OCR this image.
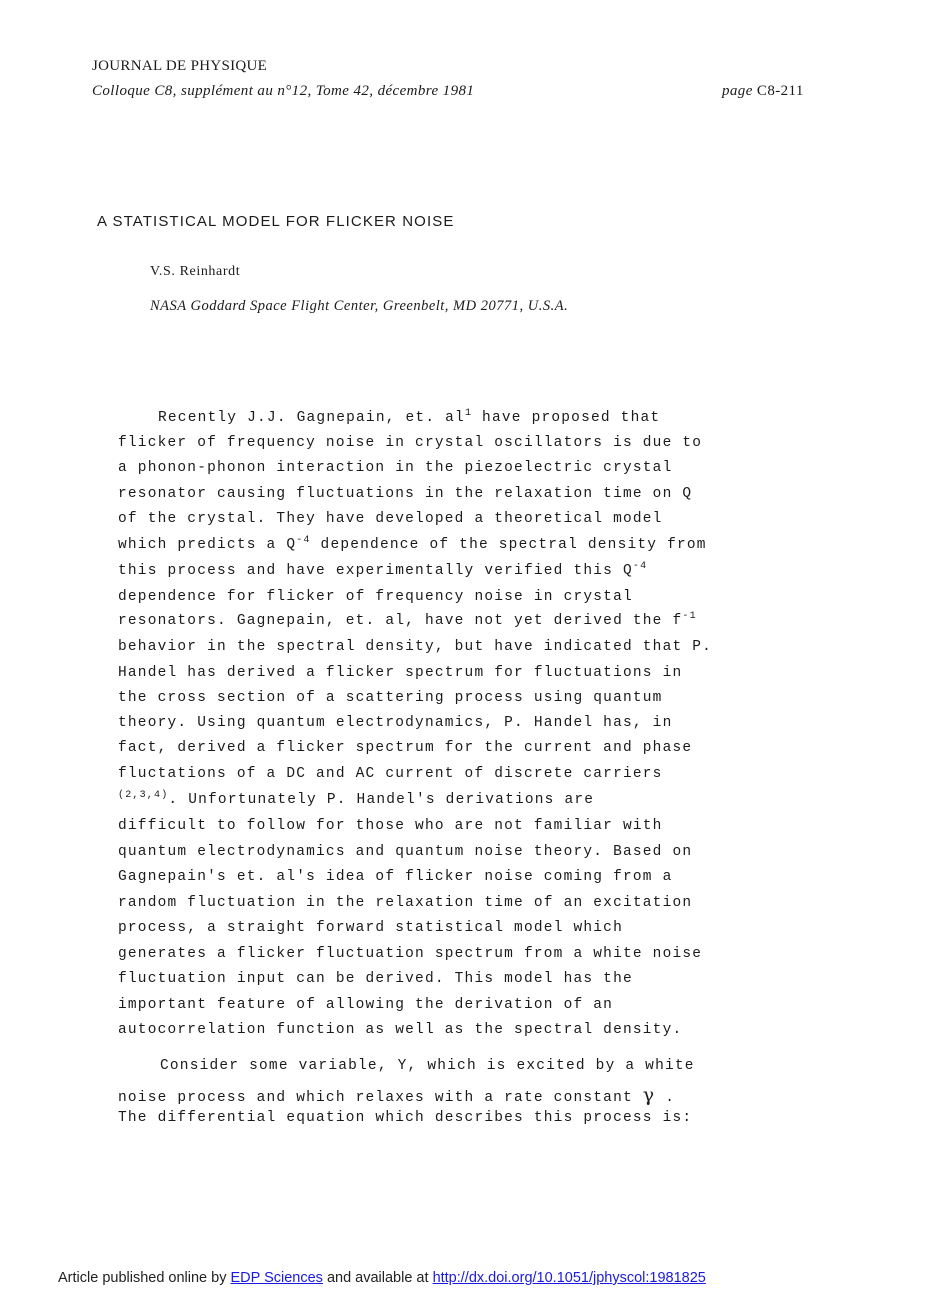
JOURNAL DE PHYSIQUE
Colloque C8, supplément au n°12, Tome 42, décembre 1981	page C8-211
A STATISTICAL MODEL FOR FLICKER NOISE
V.S. Reinhardt
NASA Goddard Space Flight Center, Greenbelt, MD 20771, U.S.A.
Recently J.J. Gagnepain, et. $al^1$ have proposed that
flicker of frequency noise in crystal oscillators is due to
a phonon-phonon interaction in the piezoelectric crystal
resonator causing fluctuations in the relaxation time on Q
of the crystal. They have developed a theoretical model
which predicts a $Q^{-4}$ dependence of the spectral density from
this process and have experimentally verified this $Q^{-4}$
dependence for flicker of frequency noise in crystal
resonators. Gagnepain, et. al, have not yet derived the $f^{-1}$
behavior in the spectral density, but have indicated that P.
Handel has derived a flicker spectrum for fluctuations in
the cross section of a scattering process using quantum
theory. Using quantum electrodynamics, P. Handel has, in
fact, derived a flicker spectrum for the current and phase
fluctations of a DC and AC current of discrete carriers
$^{(2,3,4)}$. Unfortunately P. Handel's derivations are
difficult to follow for those who are not familiar with
quantum electrodynamics and quantum noise theory. Based on
Gagnepain's et. al's idea of flicker noise coming from a
random fluctuation in the relaxation time of an excitation
process, a straight forward statistical model which
generates a flicker fluctuation spectrum from a white noise
fluctuation input can be derived. This model has the
important feature of allowing the derivation of an
autocorrelation function as well as the spectral density.
Consider some variable, Y, which is excited by a white
noise process and which relaxes with a rate constant γ .
The differential equation which describes this process is:
Article published online by EDP Sciences and available at http://dx.doi.org/10.1051/jphyscol:1981825
